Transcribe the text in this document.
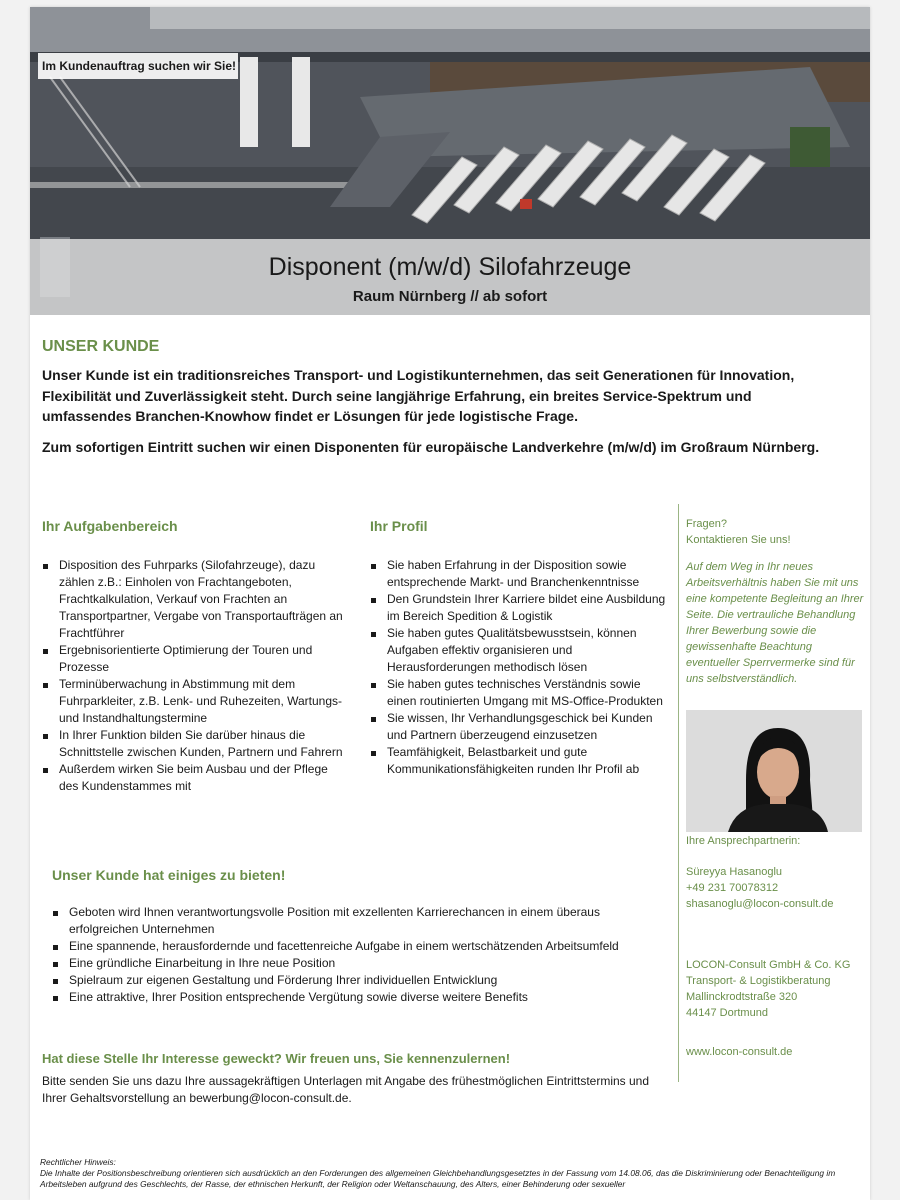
Im Kundenauftrag suchen wir Sie!
Disponent (m/w/d) Silofahrzeuge
Raum Nürnberg // ab sofort
UNSER KUNDE

Unser Kunde ist ein traditionsreiches Transport- und Logistikunternehmen, das seit Generationen für Innovation, Flexibilität und Zuverlässigkeit steht. Durch seine langjährige Erfahrung, ein breites Service-Spektrum und umfassendes Branchen-Knowhow findet er Lösungen für jede logistische Frage.

Zum sofortigen Eintritt suchen wir einen Disponenten für europäische Landverkehre (m/w/d) im Großraum Nürnberg.

Ihr Aufgabenbereich
Disposition des Fuhrparks (Silofahrzeuge), dazu zählen z.B.: Einholen von Frachtangeboten, Frachtkalkulation, Verkauf von Frachten an Transportpartner, Vergabe von Transportaufträgen an Frachtführer
Ergebnisorientierte Optimierung der Touren und Prozesse
Terminüberwachung in Abstimmung mit dem Fuhrparkleiter, z.B. Lenk- und Ruhezeiten, Wartungs- und Instandhaltungstermine
In Ihrer Funktion bilden Sie darüber hinaus die Schnittstelle zwischen Kunden, Partnern und Fahrern
Außerdem wirken Sie beim Ausbau und der Pflege des Kundenstammes mit
Ihr Profil
Sie haben Erfahrung in der Disposition sowie entsprechende Markt- und Branchenkenntnisse
Den Grundstein Ihrer Karriere bildet eine Ausbildung im Bereich Spedition & Logistik
Sie haben gutes Qualitätsbewusstsein, können Aufgaben effektiv organisieren und Herausforderungen methodisch lösen
Sie haben gutes technisches Verständnis sowie einen routinierten Umgang mit MS-Office-Produkten
Sie wissen, Ihr Verhandlungsgeschick bei Kunden und Partnern überzeugend einzusetzen
Teamfähigkeit, Belastbarkeit und gute Kommunikationsfähigkeiten runden Ihr Profil ab
Unser Kunde hat einiges zu bieten!
Geboten wird Ihnen verantwortungsvolle Position mit exzellenten Karrierechancen in einem überaus erfolgreichen Unternehmen
Eine spannende, herausfordernde und facettenreiche Aufgabe in einem wertschätzenden Arbeitsumfeld
Eine gründliche Einarbeitung in Ihre neue Position
Spielraum zur eigenen Gestaltung und Förderung Ihrer individuellen Entwicklung
Eine attraktive, Ihrer Position entsprechende Vergütung sowie diverse weitere Benefits
Fragen?
Kontaktieren Sie uns!
Auf dem Weg in Ihr neues Arbeitsverhältnis haben Sie mit uns eine kompetente Begleitung an Ihrer Seite. Die vertrauliche Behandlung Ihrer Bewerbung sowie die gewissenhafte Beachtung eventueller Sperrvermerke sind für uns selbstverständlich.
Ihre Ansprechpartnerin:
Süreyya Hasanoglu
+49 231 70078312
shasanoglu@locon-consult.de
LOCON-Consult GmbH & Co. KG
Transport- & Logistikberatung
Mallinckrodtstraße 320
44147 Dortmund
www.locon-consult.de
Hat diese Stelle Ihr Interesse geweckt? Wir freuen uns, Sie kennenzulernen!
Bitte senden Sie uns dazu Ihre aussagekräftigen Unterlagen mit Angabe des frühestmöglichen Eintrittstermins und Ihrer Gehaltsvorstellung an bewerbung@locon-consult.de.
Rechtlicher Hinweis:
Die Inhalte der Positionsbeschreibung orientieren sich ausdrücklich an den Forderungen des allgemeinen Gleichbehandlungsgesetztes in der Fassung vom 14.08.06, das die Diskriminierung oder Benachteiligung im Arbeitsleben aufgrund des Geschlechts, der Rasse, der ethnischen Herkunft, der Religion oder Weltanschauung, des Alters, einer Behinderung oder sexueller
